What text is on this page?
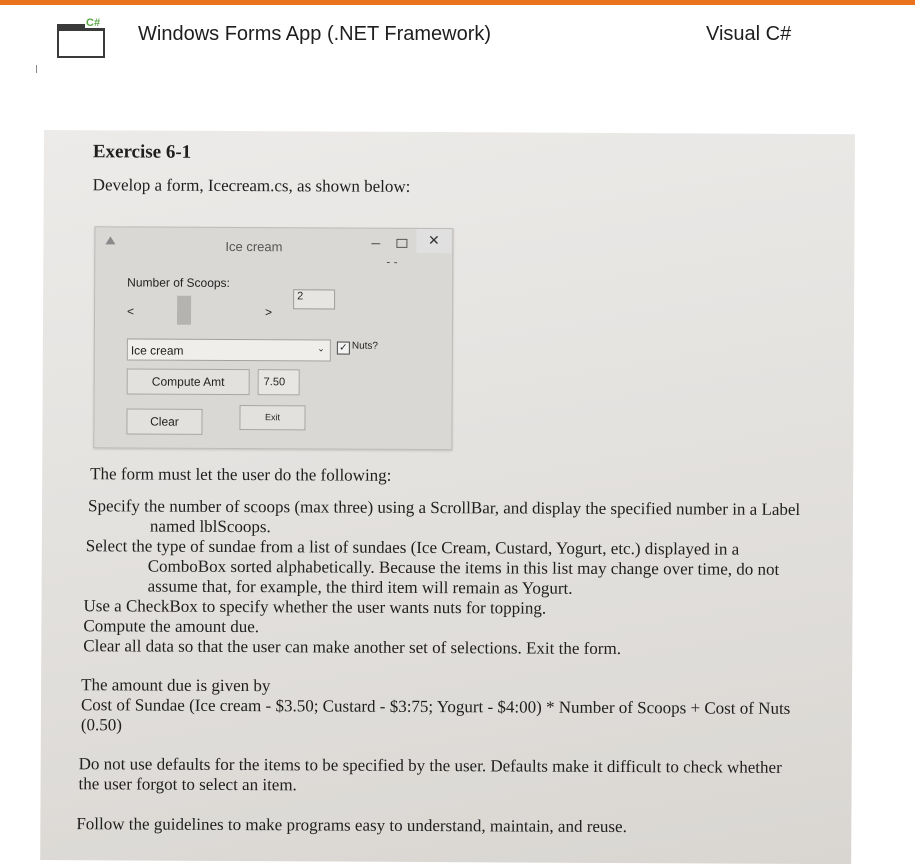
C# Windows Forms App (.NET Framework)	Visual C#
Exercise 6-1
Develop a form, Icecream.cs, as shown below:
Ice cream	–	✕
- -
Number of Scoops:
<	>
2
Ice cream	⌄ ✓ Nuts?
Compute Amt	7.50
Clear	Exit
The form must let the user do the following:
Specify the number of scoops (max three) using a ScrollBar, and display the specified number in a Label
named lblScoops.
Select the type of sundae from a list of sundaes (Ice Cream, Custard, Yogurt, etc.) displayed in a
ComboBox sorted alphabetically. Because the items in this list may change over time, do not
assume that, for example, the third item will remain as Yogurt.
Use a CheckBox to specify whether the user wants nuts for topping.
Compute the amount due.
Clear all data so that the user can make another set of selections. Exit the form.
The amount due is given by
Cost of Sundae (Ice cream - $3.50; Custard - $3:75; Yogurt - $4:00) * Number of Scoops + Cost of Nuts
(0.50)
Do not use defaults for the items to be specified by the user. Defaults make it difficult to check whether
the user forgot to select an item.
Follow the guidelines to make programs easy to understand, maintain, and reuse.
